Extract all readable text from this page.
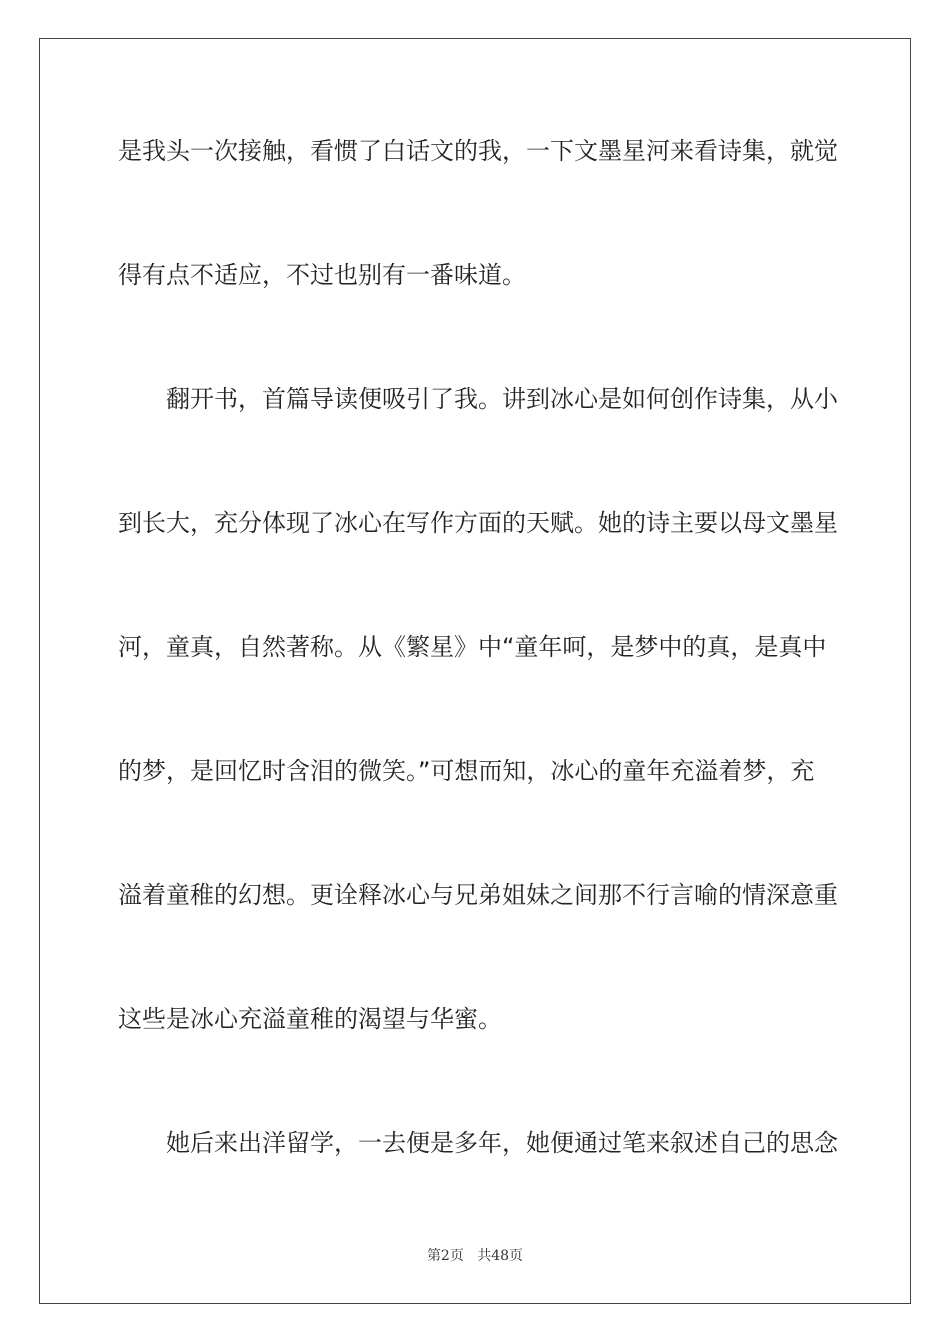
是我头一次接触，看惯了白话文的我，一下文墨星河来看诗集，就觉
得有点不适应，不过也别有一番味道。
翻开书，首篇导读便吸引了我。讲到冰心是如何创作诗集，从小
到长大，充分体现了冰心在写作方面的天赋。她的诗主要以母文墨星
河，童真，自然著称。从《繁星》中“童年呵，是梦中的真，是真中
的梦，是回忆时含泪的微笑。”可想而知，冰心的童年充溢着梦，充
溢着童稚的幻想。更诠释冰心与兄弟姐妹之间那不行言喻的情深意重
这些是冰心充溢童稚的渴望与华蜜。
她后来出洋留学，一去便是多年，她便通过笔来叙述自己的思念
第2页 共48页
